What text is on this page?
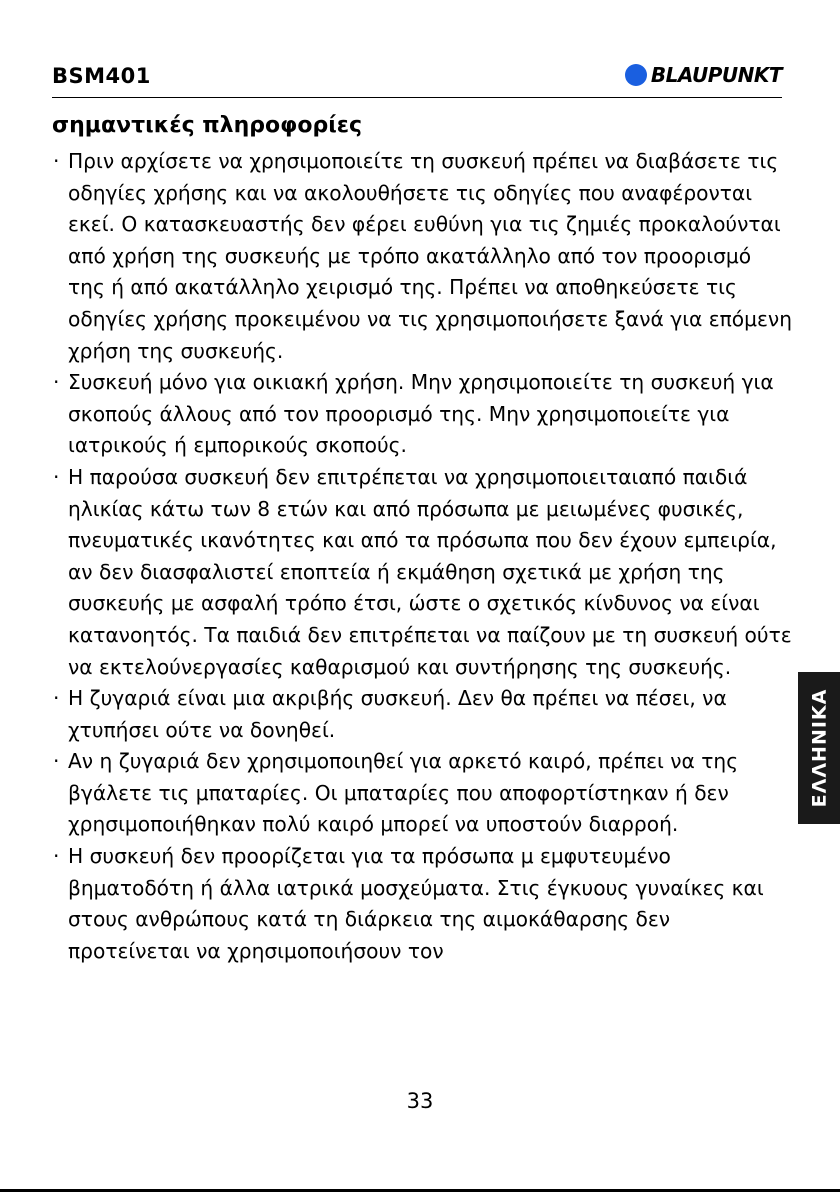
BSM401	BLAUPUNKT
σημαντικές πληροφορίες
· Πριν αρχίσετε να χρησιμοποιείτε τη συσκευή πρέπει να διαβάσετε τις οδηγίες χρήσης και να ακολουθήσετε τις οδηγίες που αναφέρονται εκεί. Ο κατασκευαστής δεν φέρει ευθύνη για τις ζημιές προκαλούνται από χρήση της συσκευής με τρόπο ακατάλληλο από τον προορισμό της ή από ακατάλληλο χειρισμό της. Πρέπει να αποθηκεύσετε τις οδηγίες χρήσης προκειμένου να τις χρησιμοποιήσετε ξανά για επόμενη χρήση της συσκευής.
· Συσκευή μόνο για οικιακή χρήση. Μην χρησιμοποιείτε τη συσκευή για σκοπούς άλλους από τον προορισμό της. Μην χρησιμοποιείτε για ιατρικούς ή εμπορικούς σκοπούς.
· Η παρούσα συσκευή δεν επιτρέπεται να χρησιμοποιειταιαπό παιδιά ηλικίας κάτω των 8 ετών και από πρόσωπα με μειωμένες φυσικές, πνευματικές ικανότητες και από τα πρόσωπα που δεν έχουν εμπειρία, αν δεν διασφαλιστεί εποπτεία ή εκμάθηση σχετικά με χρήση της συσκευής με ασφαλή τρόπο έτσι, ώστε ο σχετικός κίνδυνος να είναι κατανοητός. Τα παιδιά δεν επιτρέπεται να παίζουν με τη συσκευή ούτε να εκτελούνεργασίες καθαρισμού και συντήρησης της συσκευής.
· Η ζυγαριά είναι μια ακριβής συσκευή. Δεν θα πρέπει να πέσει, να χτυπήσει ούτε να δονηθεί.
· Αν η ζυγαριά δεν χρησιμοποιηθεί για αρκετό καιρό, πρέπει να της βγάλετε τις μπαταρίες. Οι μπαταρίες που αποφορτίστηκαν ή δεν χρησιμοποιήθηκαν πολύ καιρό μπορεί να υποστούν διαρροή.
· Η συσκευή δεν προορίζεται για τα πρόσωπα μ εμφυτευμένο βηματοδότη ή άλλα ιατρικά μοσχεύματα. Στις έγκυους γυναίκες και στους ανθρώπους κατά τη διάρκεια της αιμοκάθαρσης δεν προτείνεται να χρησιμοποιήσουν τον
33
ΕΛΛΗΝΙΚΑ
